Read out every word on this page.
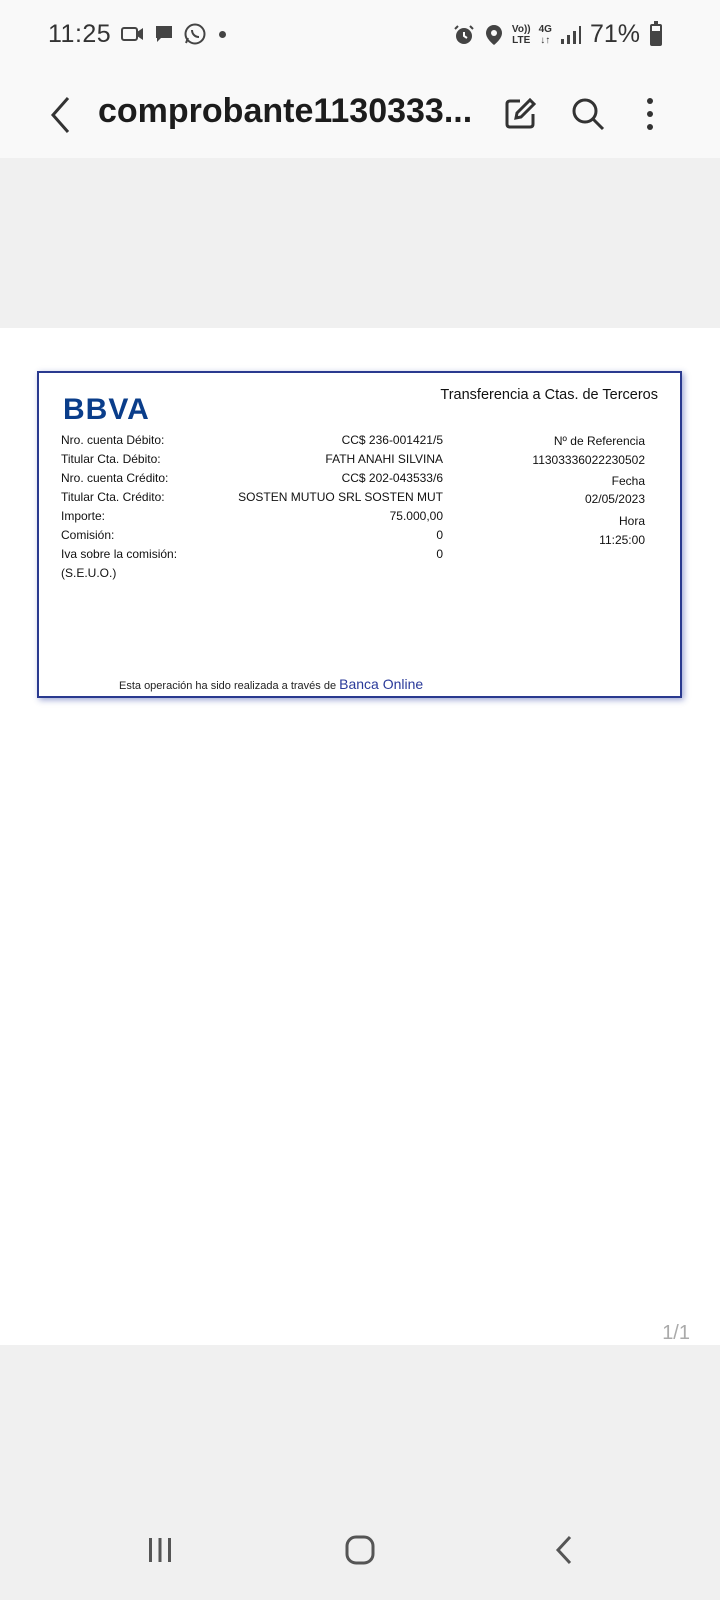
11:25	Vo))
LTE
4G
↓↑ 71%
comprobante1130333...
BBVA	Transferencia a Ctas. de Terceros
Nro. cuenta Débito:	CC$ 236-001421/5
Titular Cta. Débito:	FATH ANAHI SILVINA
Nro. cuenta Crédito:	CC$ 202-043533/6
Titular Cta. Crédito:	SOSTEN MUTUO SRL SOSTEN MUT
Importe:	75.000,00
Comisión:	0
Iva sobre la comisión:	0
(S.E.U.O.)
Nº de Referencia
11303336022230502
Fecha
02/05/2023
Hora
11:25:00
Esta operación ha sido realizada a través de Banca Online
1/1
